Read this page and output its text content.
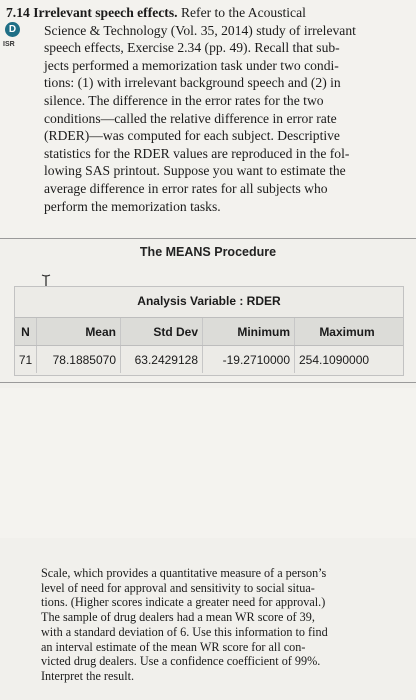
D
ISR
7.14 Irrelevant speech effects. Refer to the Acoustical
Science & Technology (Vol. 35, 2014) study of irrelevant
speech effects, Exercise 2.34 (pp. 49). Recall that sub-
jects performed a memorization task under two condi-
tions: (1) with irrelevant background speech and (2) in
silence. The difference in the error rates for the two
conditions—called the relative difference in error rate
(RDER)—was computed for each subject. Descriptive
statistics for the RDER values are reproduced in the fol-
lowing SAS printout. Suppose you want to estimate the
average difference in error rates for all subjects who
perform the memorization tasks.
The MEANS Procedure
Analysis Variable : RDER
N	Mean	Std Dev	Minimum	Maximum
71	78.1885070	63.2429128	-19.2710000 254.1090000
Scale, which provides a quantitative measure of a person’s
level of need for approval and sensitivity to social situa-
tions. (Higher scores indicate a greater need for approval.)
The sample of drug dealers had a mean WR score of 39,
with a standard deviation of 6. Use this information to find
an interval estimate of the mean WR score for all con-
victed drug dealers. Use a confidence coefficient of 99%.
Interpret the result.
